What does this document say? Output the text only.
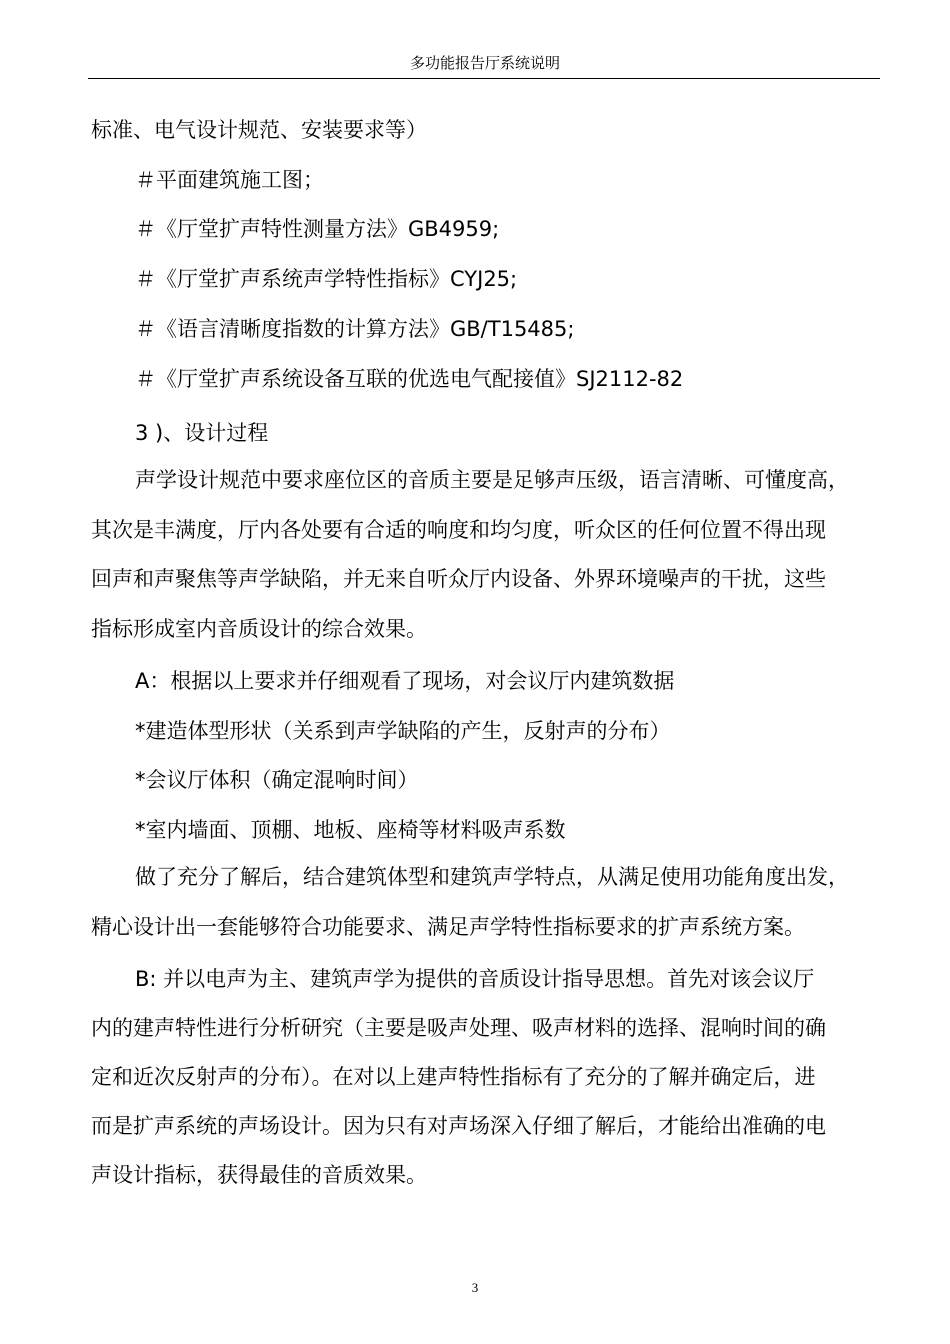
多功能报告厅系统说明
标准、电气设计规范、安装要求等）
＃平面建筑施工图；
＃《厅堂扩声特性测量方法》GB4959;
＃《厅堂扩声系统声学特性指标》CYJ25;
＃《语言清晰度指数的计算方法》GB/T15485;
＃《厅堂扩声系统设备互联的优选电气配接值》SJ2112-82
3 )、设计过程
声学设计规范中要求座位区的音质主要是足够声压级，语言清晰、可懂度高，
其次是丰满度，厅内各处要有合适的响度和均匀度，听众区的任何位置不得出现
回声和声聚焦等声学缺陷，并无来自听众厅内设备、外界环境噪声的干扰，这些
指标形成室内音质设计的综合效果。
A：根据以上要求并仔细观看了现场，对会议厅内建筑数据
*建造体型形状（关系到声学缺陷的产生，反射声的分布）
*会议厅体积（确定混响时间）
*室内墙面、顶棚、地板、座椅等材料吸声系数
做了充分了解后，结合建筑体型和建筑声学特点，从满足使用功能角度出发，
精心设计出一套能够符合功能要求、满足声学特性指标要求的扩声系统方案。
B: 并以电声为主、建筑声学为提供的音质设计指导思想。首先对该会议厅
内的建声特性进行分析研究（主要是吸声处理、吸声材料的选择、混响时间的确
定和近次反射声的分布）。在对以上建声特性指标有了充分的了解并确定后，进
而是扩声系统的声场设计。因为只有对声场深入仔细了解后，才能给出准确的电
声设计指标，获得最佳的音质效果。
3
